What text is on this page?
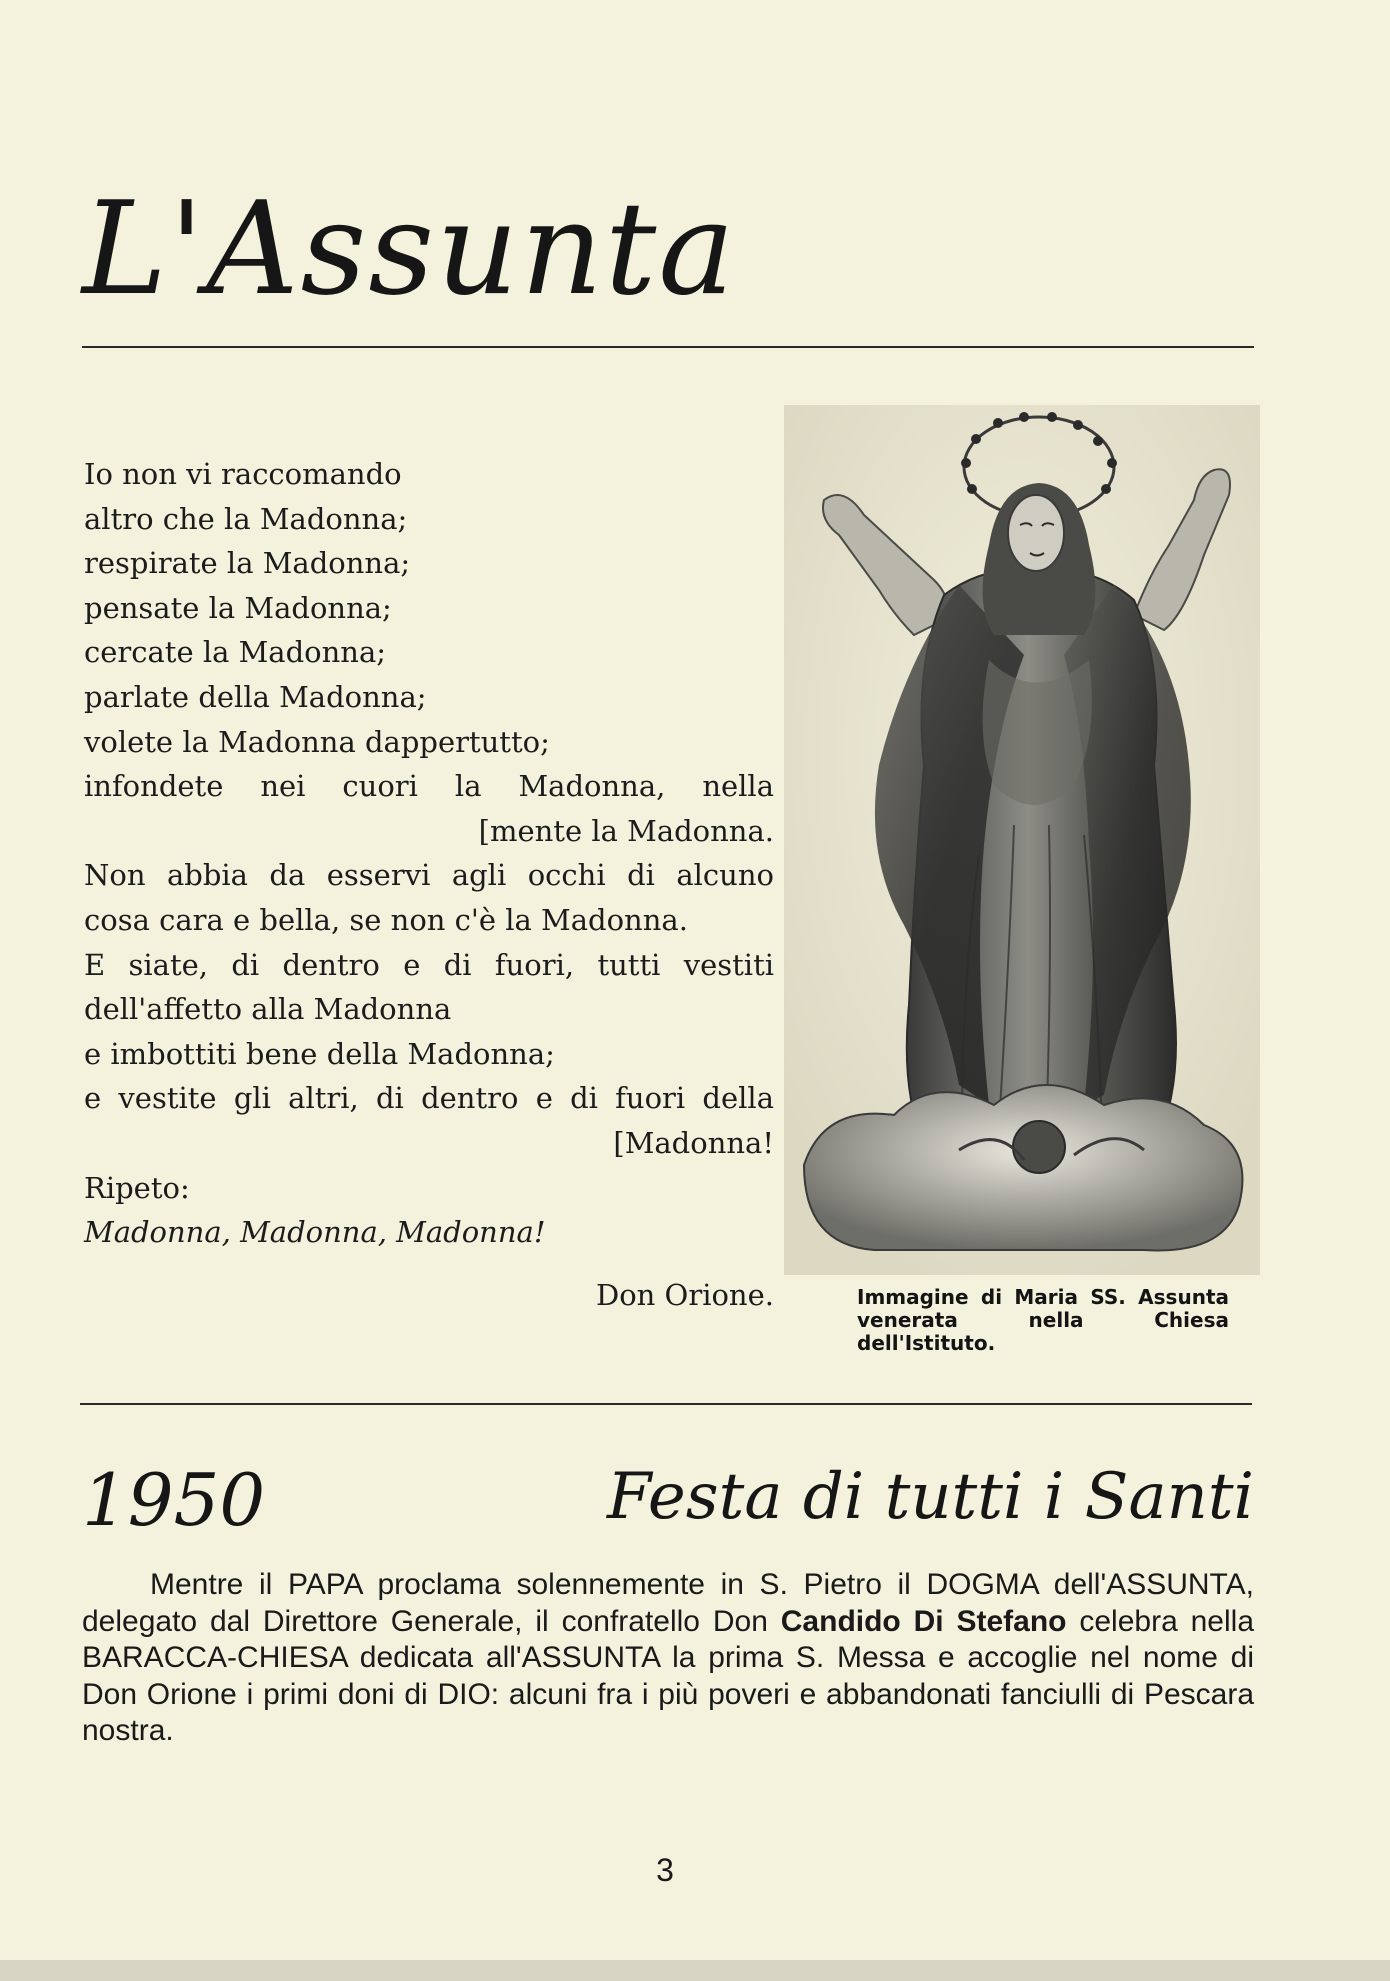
L'Assunta
Io non vi raccomando
altro che la Madonna;
respirate la Madonna;
pensate la Madonna;
cercate la Madonna;
parlate della Madonna;
volete la Madonna dappertutto;
infondete nei cuori la Madonna, nella
[mente la Madonna.
Non abbia da esservi agli occhi di alcuno
cosa cara e bella, se non c'è la Madonna.
E siate, di dentro e di fuori, tutti vestiti
dell'affetto alla Madonna
e imbottiti bene della Madonna;
e vestite gli altri, di dentro e di fuori della
[Madonna!
Ripeto:
Madonna, Madonna, Madonna!
Don Orione.	Immagine di Maria SS. Assunta venerata nella Chiesa dell'Istituto.
1950	Festa di tutti i Santi
Mentre il PAPA proclama solennemente in S. Pietro il DOGMA dell'ASSUNTA, delegato dal Direttore Generale, il confratello Don Candido Di Stefano celebra nella BARACCA-CHIESA dedicata all'ASSUNTA la prima S. Messa e accoglie nel nome di Don Orione i primi doni di DIO: alcuni fra i più poveri e abbandonati fanciulli di Pescara nostra.
3
